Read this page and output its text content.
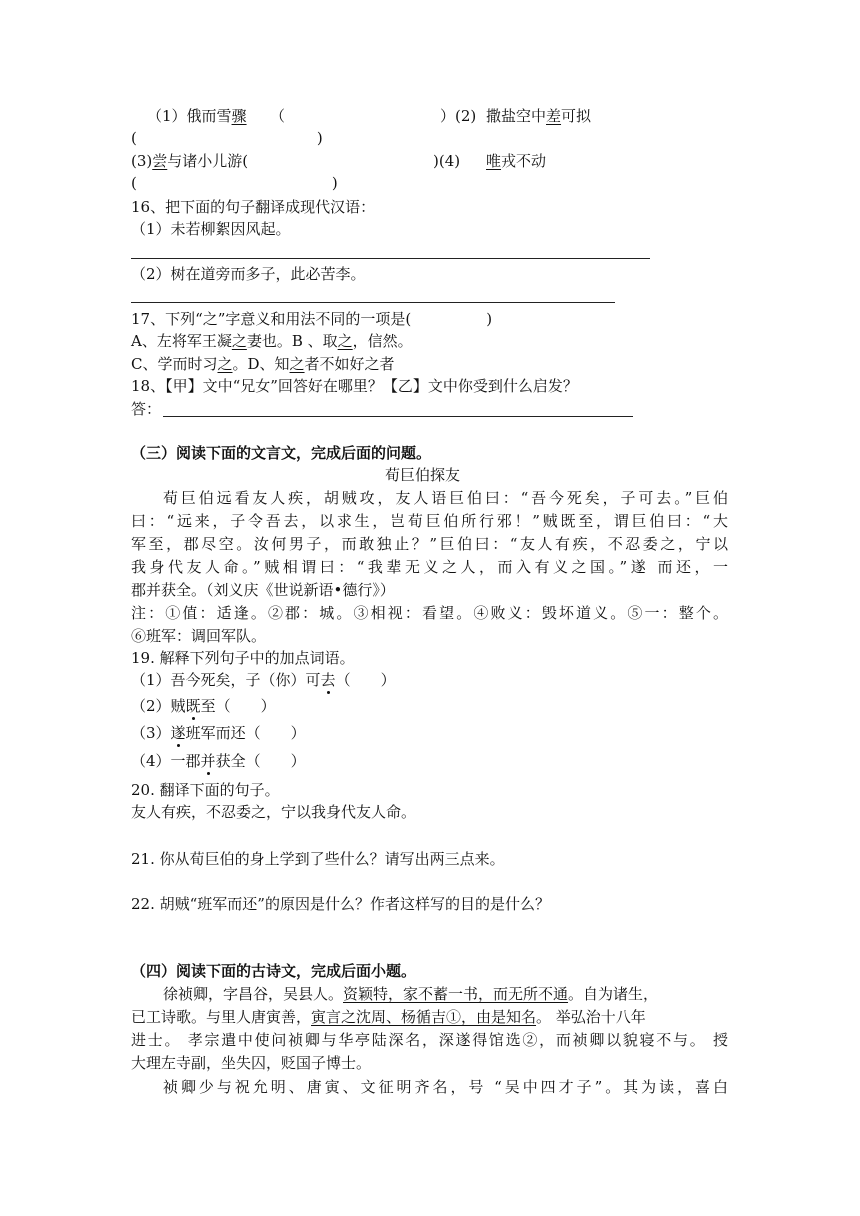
（1）俄而雪骤 （	）(2) 撒盐空中差可拟
(　　　　　　　　　　　　)
(3)尝与诸小儿游(	)(4) 唯戎不动
(　　　　　　　　　　　　　)
16、把下面的句子翻译成现代汉语：
（1）未若柳絮因风起。
（2）树在道旁而多子，此必苦李。
17、下列“之”字意义和用法不同的一项是(　　　　　)
A、左将军王凝之妻也。B 、取之，信然。
C、学而时习之。D、知之者不如好之者
18、【甲】文中“兄女”回答好在哪里？【乙】文中你受到什么启发？
答：
（三）阅读下面的文言文，完成后面的问题。
荀巨伯探友
荀巨伯远看友人疾，胡贼攻，友人语巨伯曰：“吾今死矣，子可去。”巨伯
曰：“远来，子令吾去，以求生，岂荀巨伯所行邪！”贼既至，谓巨伯曰：“大
军至，郡尽空。汝何男子，而敢独止？”巨伯曰：“友人有疾，不忍委之，宁以
我身代友人命。”贼相谓曰：“我辈无义之人，而入有义之国。”遂 而还，一
郡并获全。（刘义庆《世说新语•德行》）
注：①值：适逢。②郡：城。③相视：看望。④败义：毁坏道义。⑤一：整个。
⑥班军：调回军队。
19. 解释下列句子中的加点词语。
（1）吾今死矣，子（你）可去（　　）
（2）贼既至（　　）
（3）遂班军而还（　　）
（4）一郡并获全（　　）
20. 翻译下面的句子。
友人有疾，不忍委之，宁以我身代友人命。
21. 你从荀巨伯的身上学到了些什么？请写出两三点来。
22. 胡贼“班军而还”的原因是什么？作者这样写的目的是什么？
（四）阅读下面的古诗文，完成后面小题。
徐祯卿，字昌谷，吴县人。资颖特，家不蓄一书，而无所不通。自为诸生，
已工诗歌。与里人唐寅善，寅言之沈周、杨循吉①，由是知名。 举弘治十八年
进士。 孝宗遣中使问祯卿与华亭陆深名，深遂得馆选②，而祯卿以貌寝不与。 授
大理左寺副，坐失囚，贬国子博士。
祯卿少与祝允明、唐寅、文征明齐名，号 “吴中四才子”。其为读，喜白
